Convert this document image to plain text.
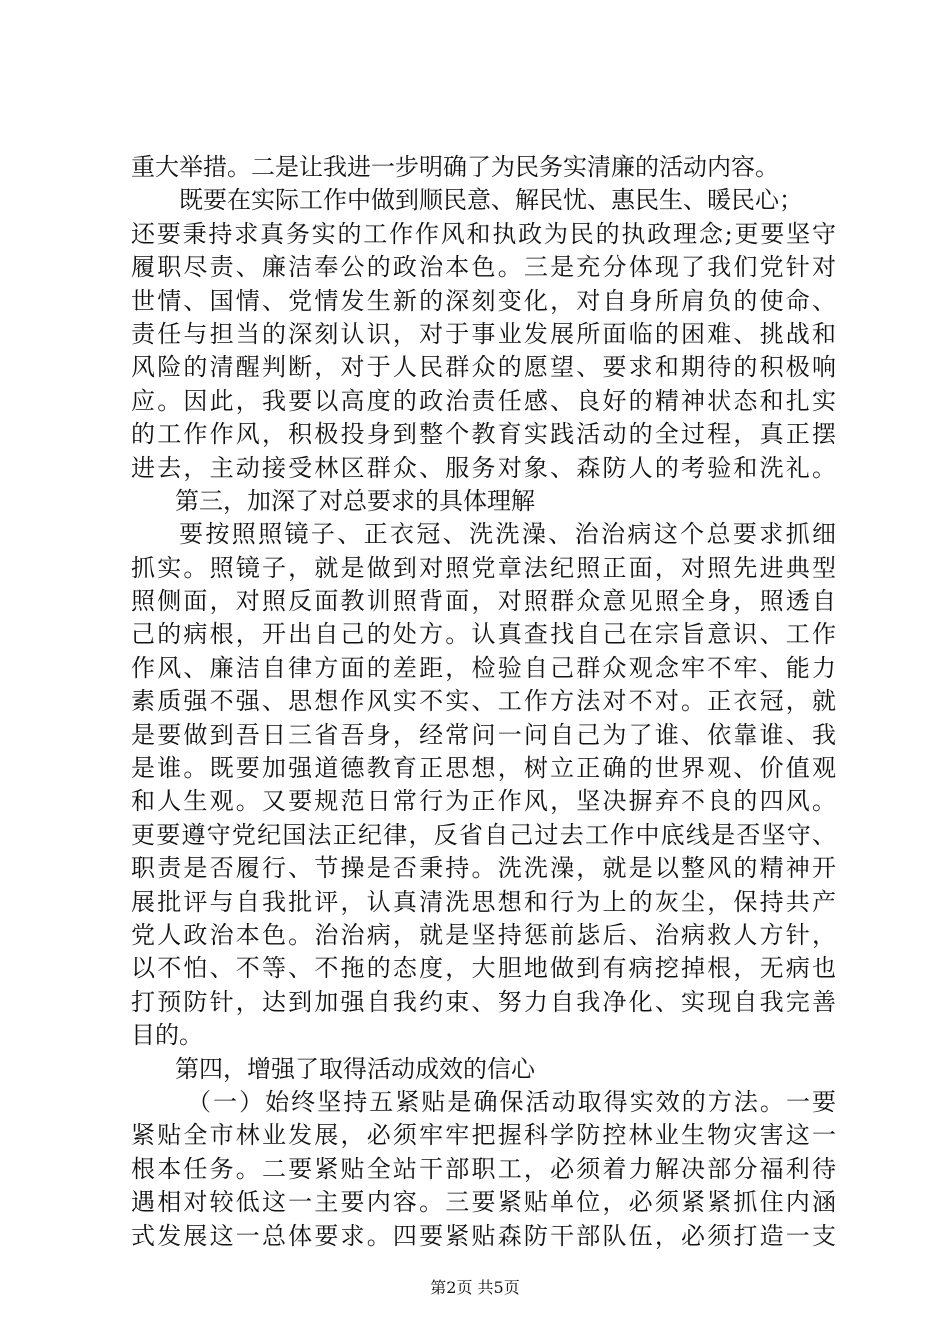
重大举措。二是让我进一步明确了为民务实清廉的活动内容。
既要在实际工作中做到顺民意、解民忧、惠民生、暖民心；
还要秉持求真务实的工作作风和执政为民的执政理念;更要坚守
履职尽责、廉洁奉公的政治本色。三是充分体现了我们党针对
世情、国情、党情发生新的深刻变化，对自身所肩负的使命、
责任与担当的深刻认识，对于事业发展所面临的困难、挑战和
风险的清醒判断，对于人民群众的愿望、要求和期待的积极响
应。因此，我要以高度的政治责任感、良好的精神状态和扎实
的工作作风，积极投身到整个教育实践活动的全过程，真正摆
进去，主动接受林区群众、服务对象、森防人的考验和洗礼。
第三，加深了对总要求的具体理解
要按照照镜子、正衣冠、洗洗澡、治治病这个总要求抓细
抓实。照镜子，就是做到对照党章法纪照正面，对照先进典型
照侧面，对照反面教训照背面，对照群众意见照全身，照透自
己的病根，开出自己的处方。认真查找自己在宗旨意识、工作
作风、廉洁自律方面的差距，检验自己群众观念牢不牢、能力
素质强不强、思想作风实不实、工作方法对不对。正衣冠，就
是要做到吾日三省吾身，经常问一问自己为了谁、依靠谁、我
是谁。既要加强道德教育正思想，树立正确的世界观、价值观
和人生观。又要规范日常行为正作风，坚决摒弃不良的四风。
更要遵守党纪国法正纪律，反省自己过去工作中底线是否坚守、
职责是否履行、节操是否秉持。洗洗澡，就是以整风的精神开
展批评与自我批评，认真清洗思想和行为上的灰尘，保持共产
党人政治本色。治治病，就是坚持惩前毖后、治病救人方针，
以不怕、不等、不拖的态度，大胆地做到有病挖掉根，无病也
打预防针，达到加强自我约束、努力自我净化、实现自我完善
目的。
第四，增强了取得活动成效的信心
（一）始终坚持五紧贴是确保活动取得实效的方法。一要
紧贴全市林业发展，必须牢牢把握科学防控林业生物灾害这一
根本任务。二要紧贴全站干部职工，必须着力解决部分福利待
遇相对较低这一主要内容。三要紧贴单位，必须紧紧抓住内涵
式发展这一总体要求。四要紧贴森防干部队伍，必须打造一支
第2页 共5页
